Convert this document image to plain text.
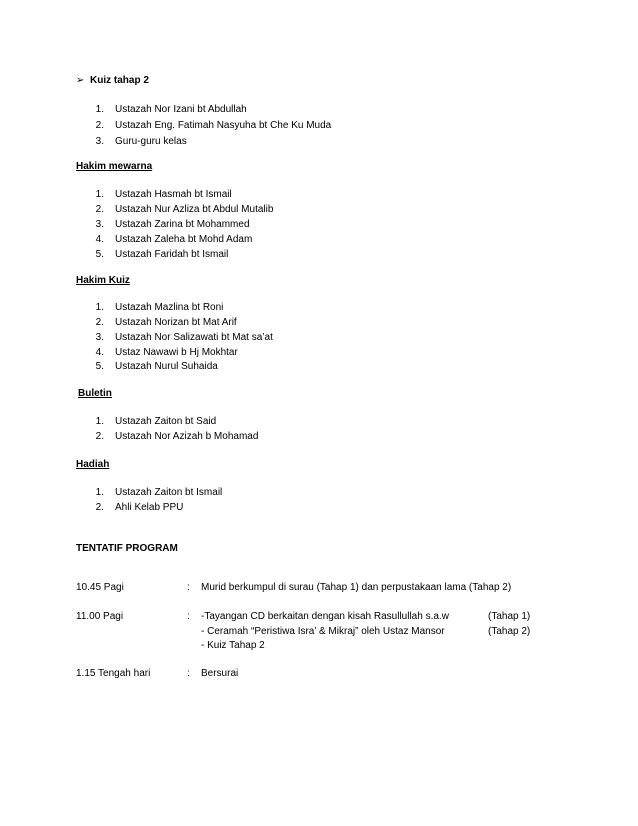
➢ Kuiz tahap 2
1. Ustazah Nor Izani bt Abdullah
2. Ustazah Eng. Fatimah Nasyuha bt Che Ku Muda
3. Guru-guru kelas
Hakim mewarna
1. Ustazah Hasmah bt Ismail
2. Ustazah Nur Azliza bt Abdul Mutalib
3. Ustazah Zarina bt Mohammed
4. Ustazah Zaleha bt Mohd Adam
5. Ustazah Faridah bt Ismail
Hakim Kuiz
1. Ustazah Mazlina bt Roni
2. Ustazah Norizan bt Mat Arif
3. Ustazah Nor Salizawati bt Mat sa’at
4. Ustaz Nawawi b Hj Mokhtar
5. Ustazah Nurul Suhaida
Buletin
1. Ustazah Zaiton bt Said
2. Ustazah Nor Azizah b Mohamad
Hadiah
1. Ustazah Zaiton bt Ismail
2. Ahli Kelab PPU
TENTATIF PROGRAM
10.45 Pagi	: Murid berkumpul di surau (Tahap 1) dan perpustakaan lama (Tahap 2)
11.00 Pagi	: -Tayangan CD berkaitan dengan kisah Rasullullah s.a.w	(Tahap 1)
- Ceramah “Peristiwa Isra’ & Mikraj” oleh Ustaz Mansor	(Tahap 2)
- Kuiz Tahap 2
1.15 Tengah hari	: Bersurai
